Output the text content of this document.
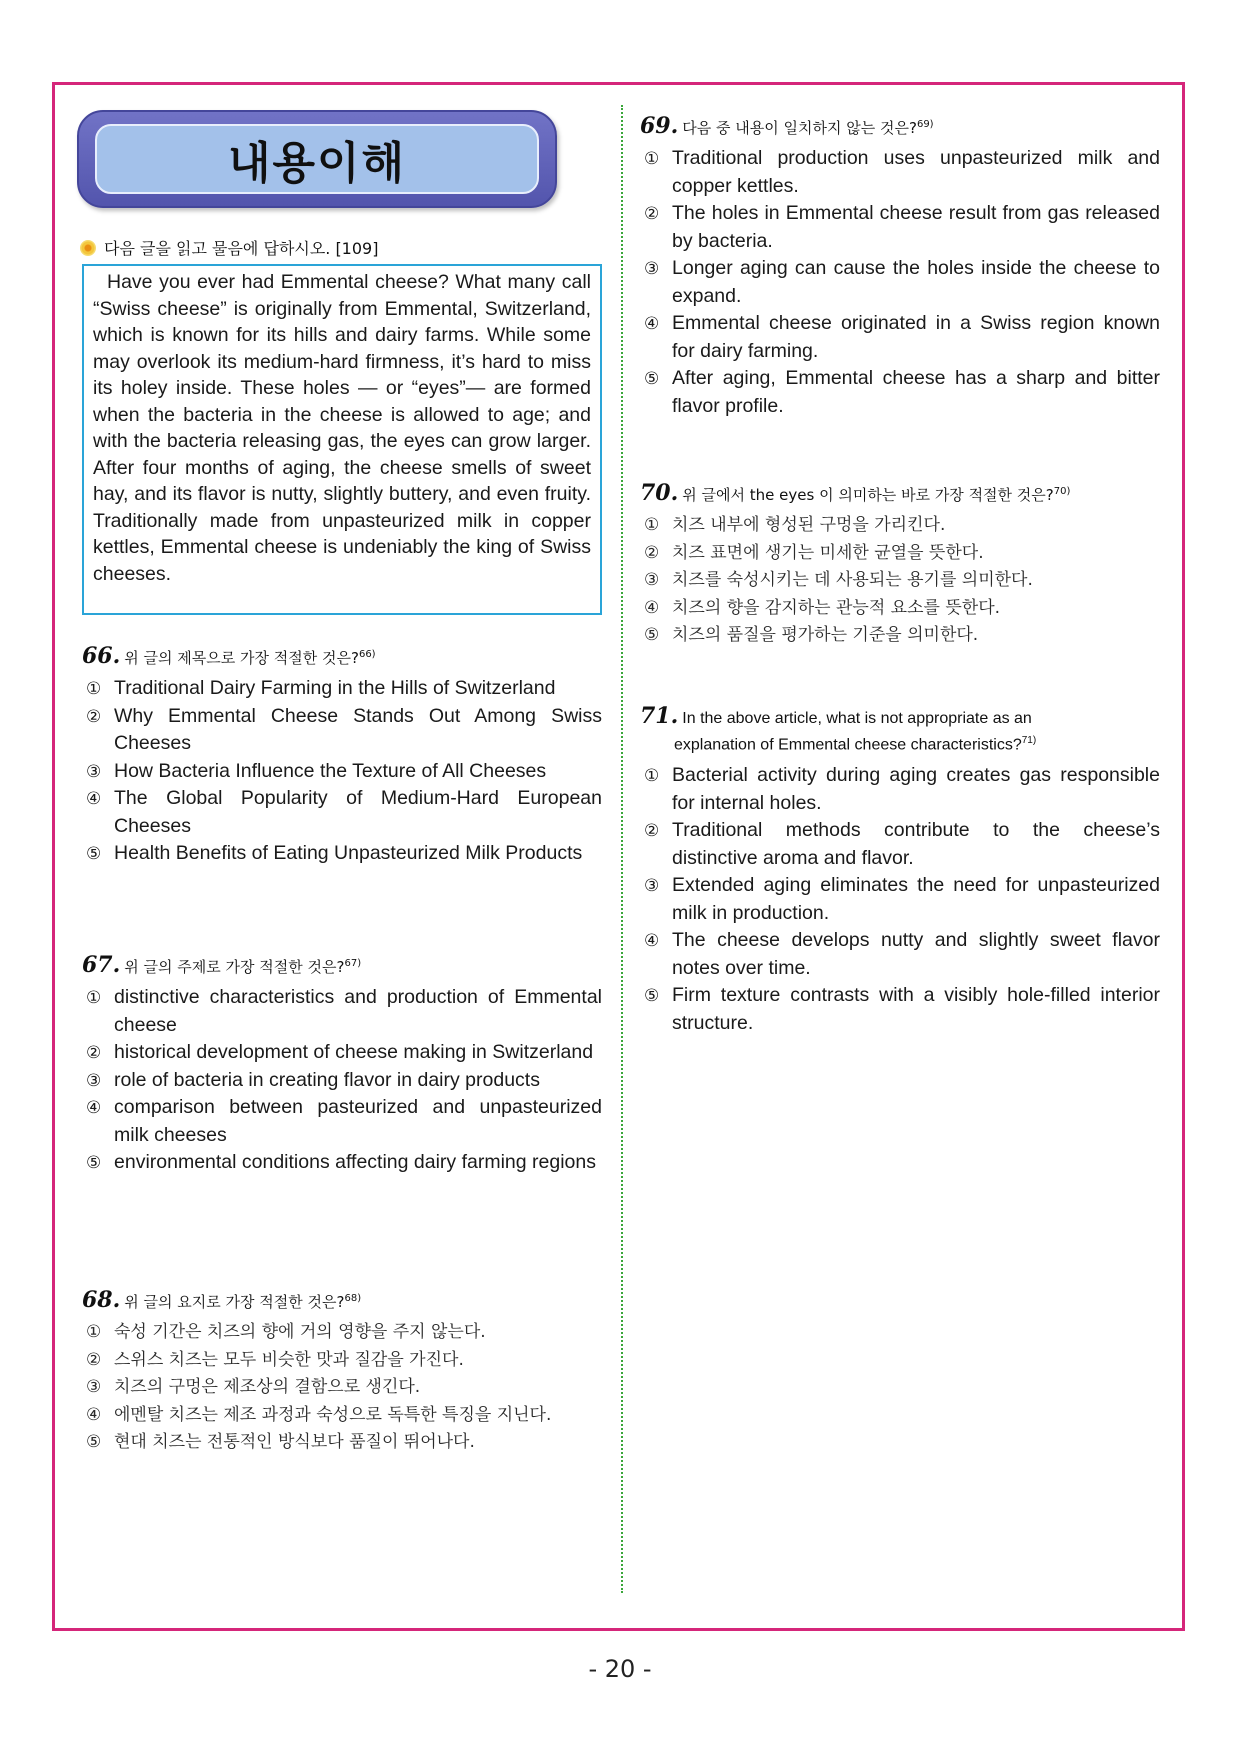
내용이해
다음 글을 읽고 물음에 답하시오. [109]

Have you ever had Emmental cheese? What many call “Swiss cheese” is originally from Emmental, Switzerland, which is known for its hills and dairy farms. While some may overlook its medium-hard firmness, it’s hard to miss its holey inside. These holes — or “eyes”— are formed when the bacteria in the cheese is allowed to age; and with the bacteria releasing gas, the eyes can grow larger. After four months of aging, the cheese smells of sweet hay, and its flavor is nutty, slightly buttery, and even fruity. Traditionally made from unpasteurized milk in copper kettles, Emmental cheese is undeniably the king of Swiss cheeses.

66. 위 글의 제목으로 가장 적절한 것은?$^{66)}$
① Traditional Dairy Farming in the Hills of Switzerland
② Why Emmental Cheese Stands Out Among Swiss Cheeses
③ How Bacteria Influence the Texture of All Cheeses
④ The Global Popularity of Medium-Hard European Cheeses
⑤ Health Benefits of Eating Unpasteurized Milk Products
67. 위 글의 주제로 가장 적절한 것은?$^{67)}$
① distinctive characteristics and production of Emmental cheese
② historical development of cheese making in Switzerland
③ role of bacteria in creating flavor in dairy products
④ comparison between pasteurized and unpasteurized milk cheeses
⑤ environmental conditions affecting dairy farming regions
68. 위 글의 요지로 가장 적절한 것은?$^{68)}$
① 숙성 기간은 치즈의 향에 거의 영향을 주지 않는다.
② 스위스 치즈는 모두 비슷한 맛과 질감을 가진다.
③ 치즈의 구멍은 제조상의 결함으로 생긴다.
④ 에멘탈 치즈는 제조 과정과 숙성으로 독특한 특징을 지닌다.
⑤ 현대 치즈는 전통적인 방식보다 품질이 뛰어나다.
69. 다음 중 내용이 일치하지 않는 것은?$^{69)}$
① Traditional production uses unpasteurized milk and copper kettles.
② The holes in Emmental cheese result from gas released by bacteria.
③ Longer aging can cause the holes inside the cheese to expand.
④ Emmental cheese originated in a Swiss region known for dairy farming.
⑤ After aging, Emmental cheese has a sharp and bitter flavor profile.
70. 위 글에서 the eyes 이 의미하는 바로 가장 적절한 것은?$^{70)}$
① 치즈 내부에 형성된 구멍을 가리킨다.
② 치즈 표면에 생기는 미세한 균열을 뜻한다.
③ 치즈를 숙성시키는 데 사용되는 용기를 의미한다.
④ 치즈의 향을 감지하는 관능적 요소를 뜻한다.
⑤ 치즈의 품질을 평가하는 기준을 의미한다.
71. In the above article, what is not appropriate as an
explanation of Emmental cheese characteristics?$^{71)}$
① Bacterial activity during aging creates gas responsible for internal holes.
② Traditional methods contribute to the cheese’s distinctive aroma and flavor.
③ Extended aging eliminates the need for unpasteurized milk in production.
④ The cheese develops nutty and slightly sweet flavor notes over time.
⑤ Firm texture contrasts with a visibly hole-filled interior structure.
- 20 -
